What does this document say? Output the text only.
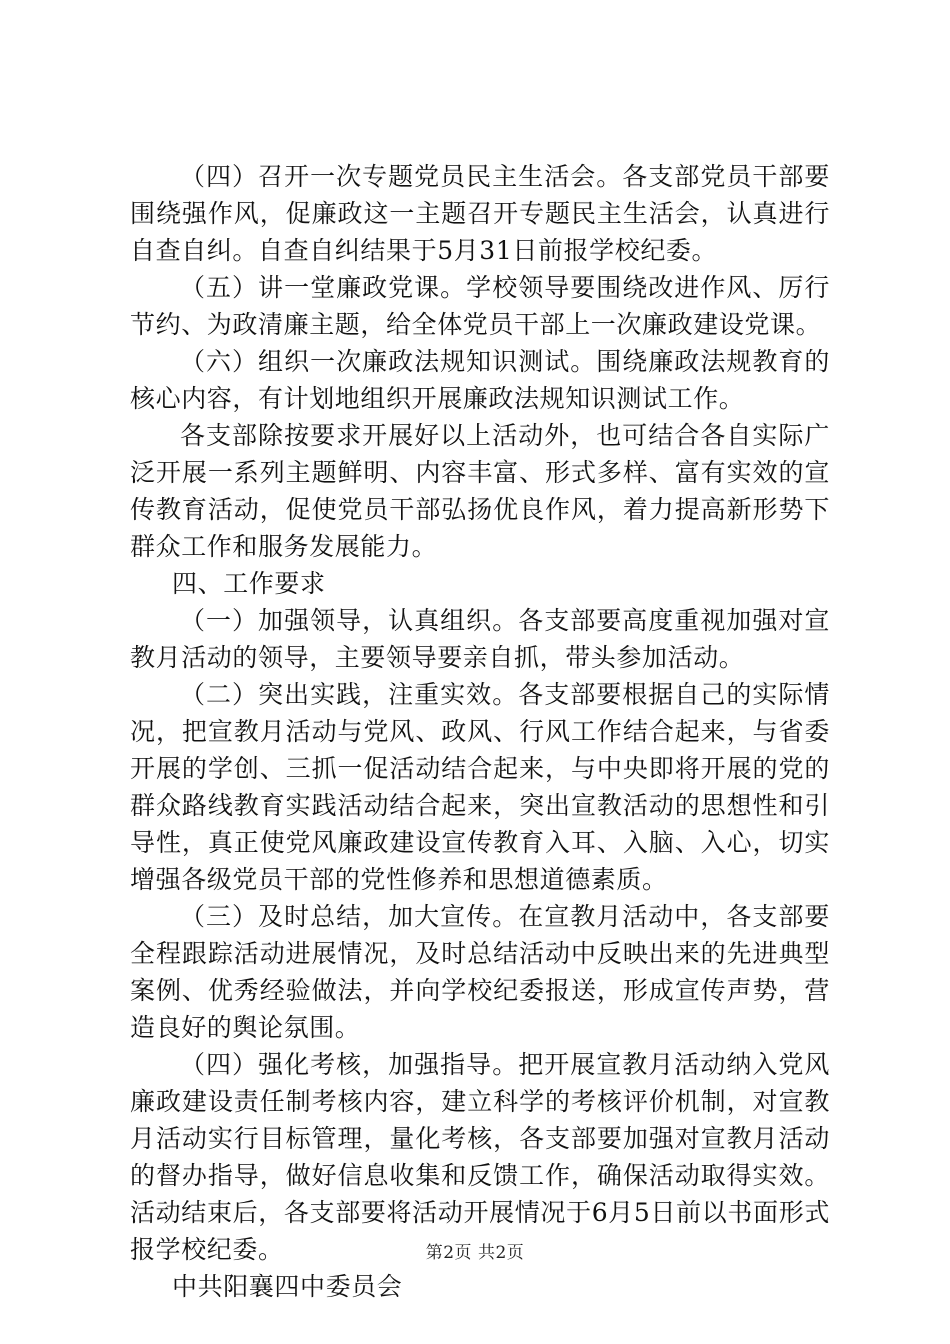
（四）召开一次专题党员民主生活会。各支部党员干部要围绕强作风，促廉政这一主题召开专题民主生活会，认真进行自查自纠。自查自纠结果于5月31日前报学校纪委。

（五）讲一堂廉政党课。学校领导要围绕改进作风、厉行节约、为政清廉主题，给全体党员干部上一次廉政建设党课。

（六）组织一次廉政法规知识测试。围绕廉政法规教育的核心内容，有计划地组织开展廉政法规知识测试工作。

各支部除按要求开展好以上活动外，也可结合各自实际广泛开展一系列主题鲜明、内容丰富、形式多样、富有实效的宣传教育活动，促使党员干部弘扬优良作风，着力提高新形势下群众工作和服务发展能力。

四、工作要求

（一）加强领导，认真组织。各支部要高度重视加强对宣教月活动的领导，主要领导要亲自抓，带头参加活动。

（二）突出实践，注重实效。各支部要根据自己的实际情况，把宣教月活动与党风、政风、行风工作结合起来，与省委开展的学创、三抓一促活动结合起来，与中央即将开展的党的群众路线教育实践活动结合起来，突出宣教活动的思想性和引导性，真正使党风廉政建设宣传教育入耳、入脑、入心，切实增强各级党员干部的党性修养和思想道德素质。

（三）及时总结，加大宣传。在宣教月活动中，各支部要全程跟踪活动进展情况，及时总结活动中反映出来的先进典型案例、优秀经验做法，并向学校纪委报送，形成宣传声势，营造良好的舆论氛围。

（四）强化考核，加强指导。把开展宣教月活动纳入党风廉政建设责任制考核内容，建立科学的考核评价机制，对宣教月活动实行目标管理，量化考核，各支部要加强对宣教月活动的督办指导，做好信息收集和反馈工作，确保活动取得实效。活动结束后，各支部要将活动开展情况于6月5日前以书面形式报学校纪委。

中共阳襄四中委员会

第2页 共2页
